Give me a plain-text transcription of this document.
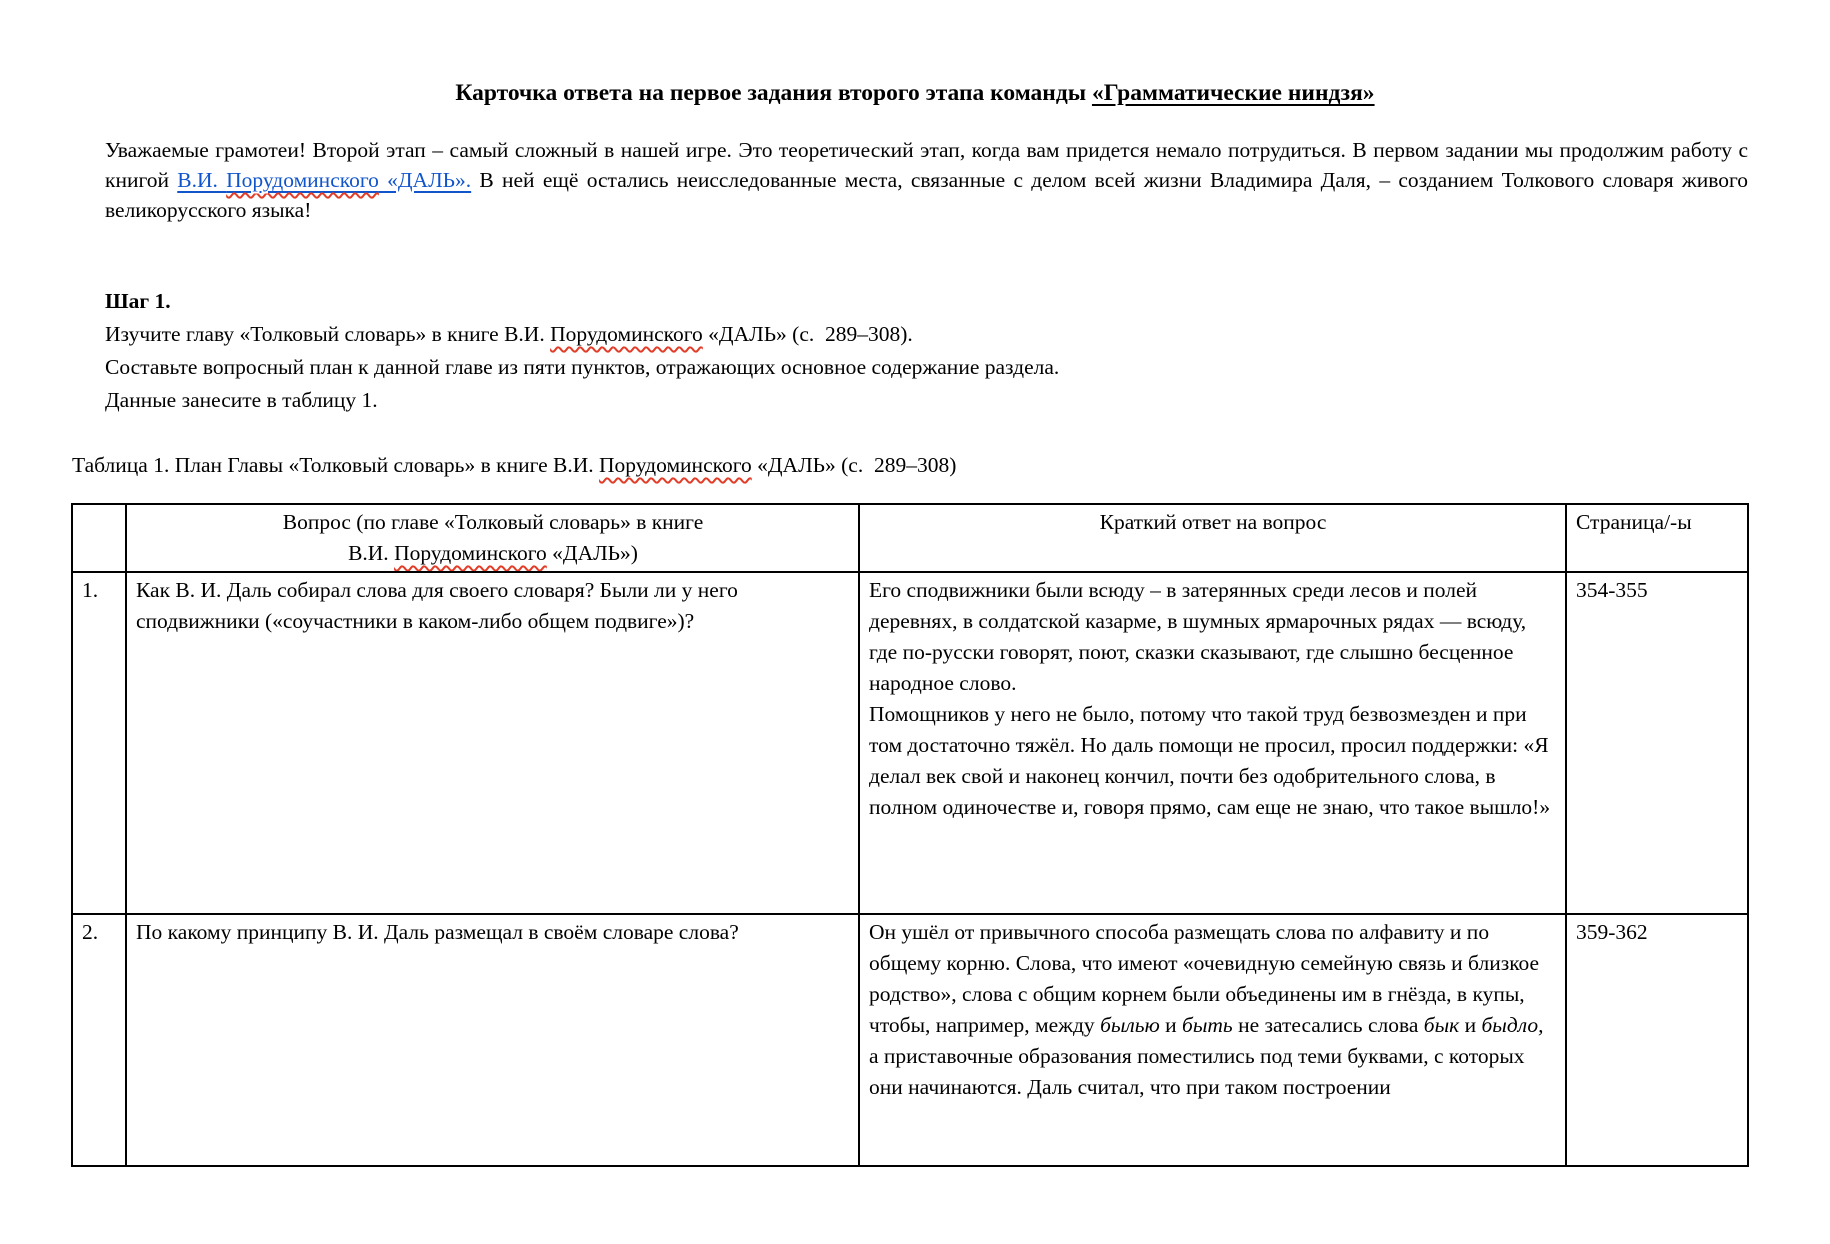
Карточка ответа на первое задания второго этапа команды «Грамматические ниндзя»
Уважаемые грамотеи! Второй этап – самый сложный в нашей игре. Это теоретический этап, когда вам придется немало потрудиться. В первом задании мы продолжим работу с книгой В.И. Порудоминского «ДАЛЬ». В ней ещё остались неисследованные места, связанные с делом всей жизни Владимира Даля, – созданием Толкового словаря живого великорусского языка!
Шаг 1.
Изучите главу «Толковый словарь» в книге В.И. Порудоминского «ДАЛЬ» (с.  289–308).
Составьте вопросный план к данной главе из пяти пунктов, отражающих основное содержание раздела.
Данные занесите в таблицу 1.
Таблица 1. План Главы «Толковый словарь» в книге В.И. Порудоминского «ДАЛЬ» (с.  289–308)

	Вопрос (по главе «Толковый словарь» в книге
В.И. Порудоминского «ДАЛЬ»)	Краткий ответ на вопрос	Страница/-ы

1.	Как В. И. Даль собирал слова для своего словаря? Были ли у него сподвижники («соучастники в каком-либо общем подвиге»)?	Его сподвижники были всюду – в затерянных среди лесов и полей деревнях, в солдатской казарме, в шумных ярмарочных рядах — всюду, где по-русски говорят, поют, сказки сказывают, где слышно бесценное народное слово.

Помощников у него не было, потому что такой труд безвозмезден и при том достаточно тяжёл. Но даль помощи не просил, просил поддержки: «Я делал век свой и наконец кончил, почти без одобрительного слова, в полном одиночестве и, говоря прямо, сам еще не знаю, что такое вышло!»	354-355

2.	По какому принципу В. И. Даль размещал в своём словаре слова?	Он ушёл от привычного способа размещать слова по алфавиту и по общему корню. Слова, что имеют «очевидную семейную связь и близкое родство», слова с общим корнем были объединены им в гнёзда, в купы, чтобы, например, между былью и быть не затесались слова бык и быдло, а приставочные образования поместились под теми буквами, с которых они начинаются. Даль считал, что при таком построении	359-362
